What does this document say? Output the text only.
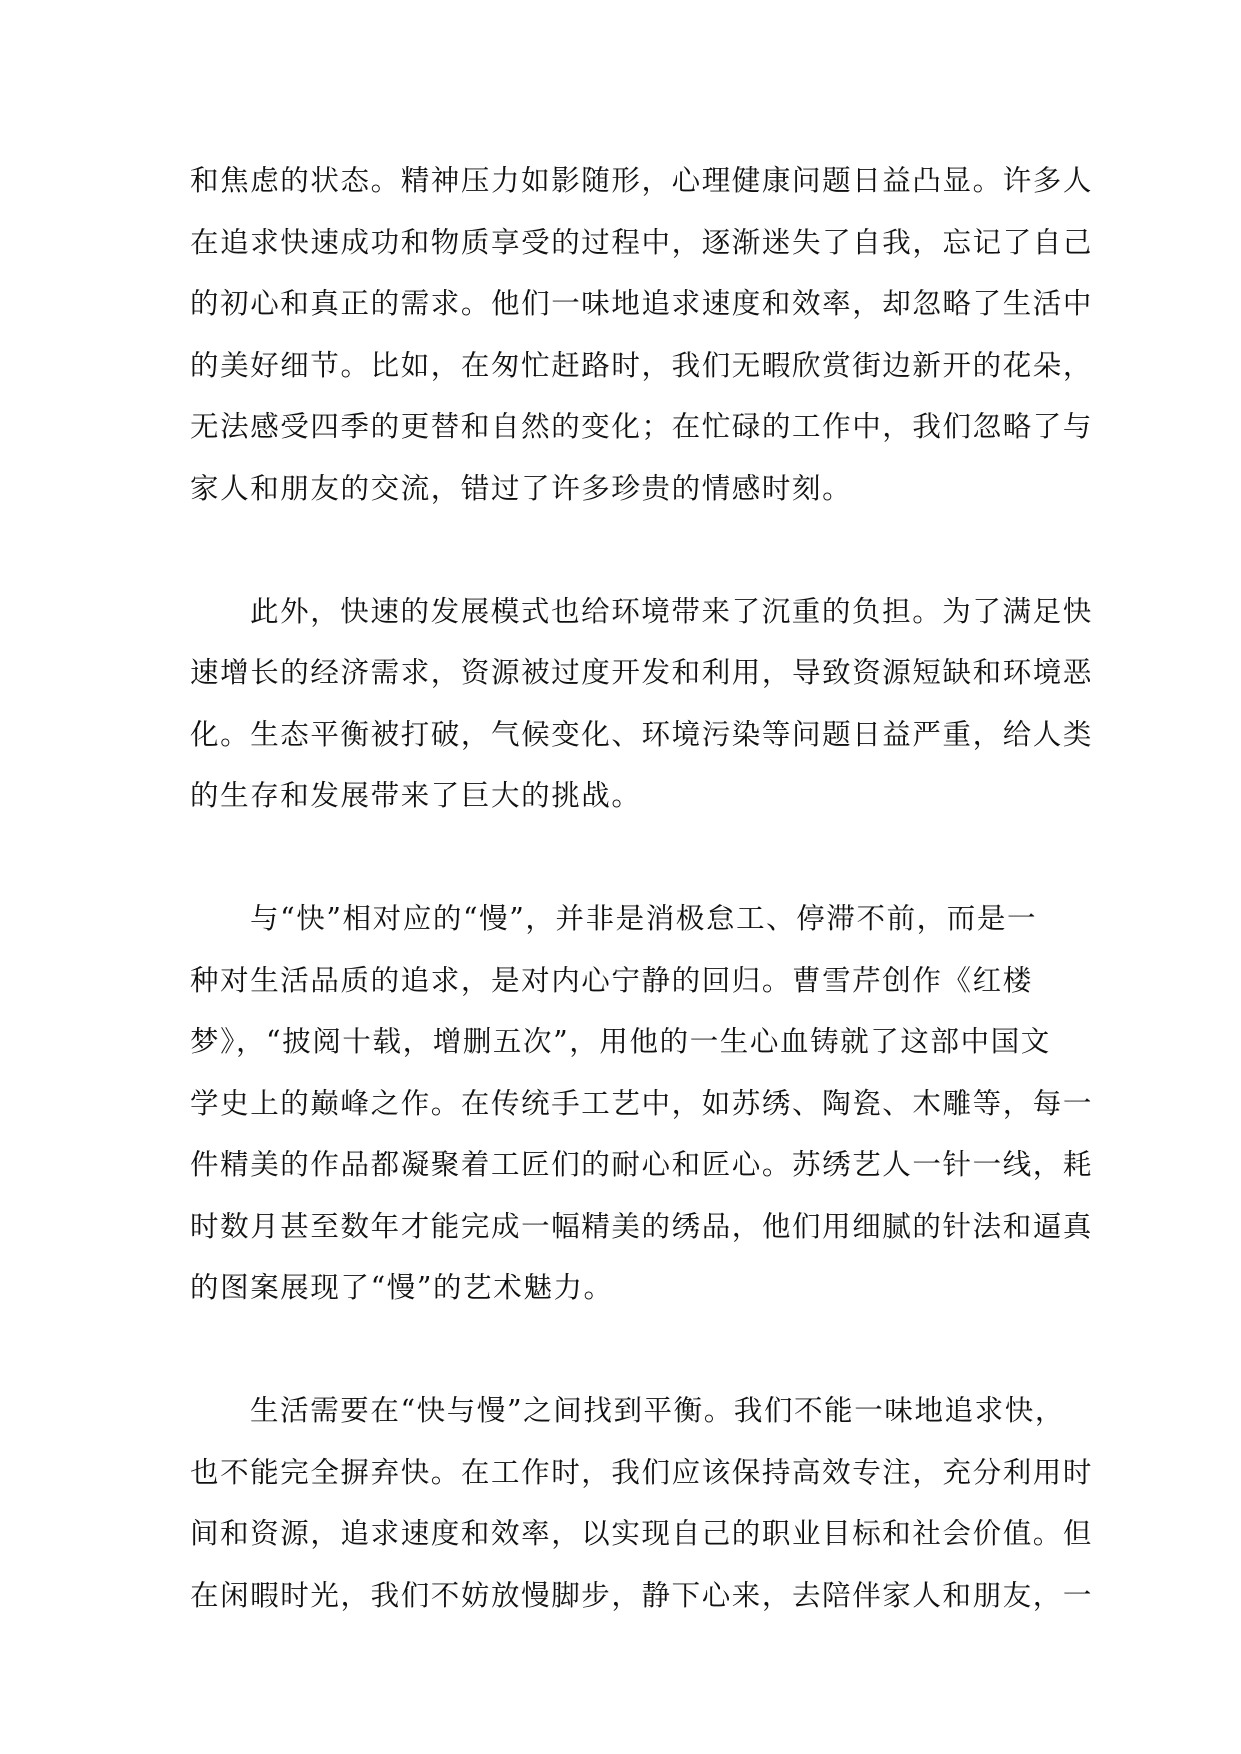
和焦虑的状态。精神压力如影随形，心理健康问题日益凸显。许多人
在追求快速成功和物质享受的过程中，逐渐迷失了自我，忘记了自己
的初心和真正的需求。他们一味地追求速度和效率，却忽略了生活中
的美好细节。比如，在匆忙赶路时，我们无暇欣赏街边新开的花朵，
无法感受四季的更替和自然的变化；在忙碌的工作中，我们忽略了与
家人和朋友的交流，错过了许多珍贵的情感时刻。

此外，快速的发展模式也给环境带来了沉重的负担。为了满足快
速增长的经济需求，资源被过度开发和利用，导致资源短缺和环境恶
化。生态平衡被打破，气候变化、环境污染等问题日益严重，给人类
的生存和发展带来了巨大的挑战。

与“快”相对应的“慢”，并非是消极怠工、停滞不前，而是一
种对生活品质的追求，是对内心宁静的回归。曹雪芹创作《红楼
梦》，“披阅十载，增删五次”，用他的一生心血铸就了这部中国文
学史上的巅峰之作。在传统手工艺中，如苏绣、陶瓷、木雕等，每一
件精美的作品都凝聚着工匠们的耐心和匠心。苏绣艺人一针一线，耗
时数月甚至数年才能完成一幅精美的绣品，他们用细腻的针法和逼真
的图案展现了“慢”的艺术魅力。

生活需要在“快与慢”之间找到平衡。我们不能一味地追求快，
也不能完全摒弃快。在工作时，我们应该保持高效专注，充分利用时
间和资源，追求速度和效率，以实现自己的职业目标和社会价值。但
在闲暇时光，我们不妨放慢脚步，静下心来，去陪伴家人和朋友，一
